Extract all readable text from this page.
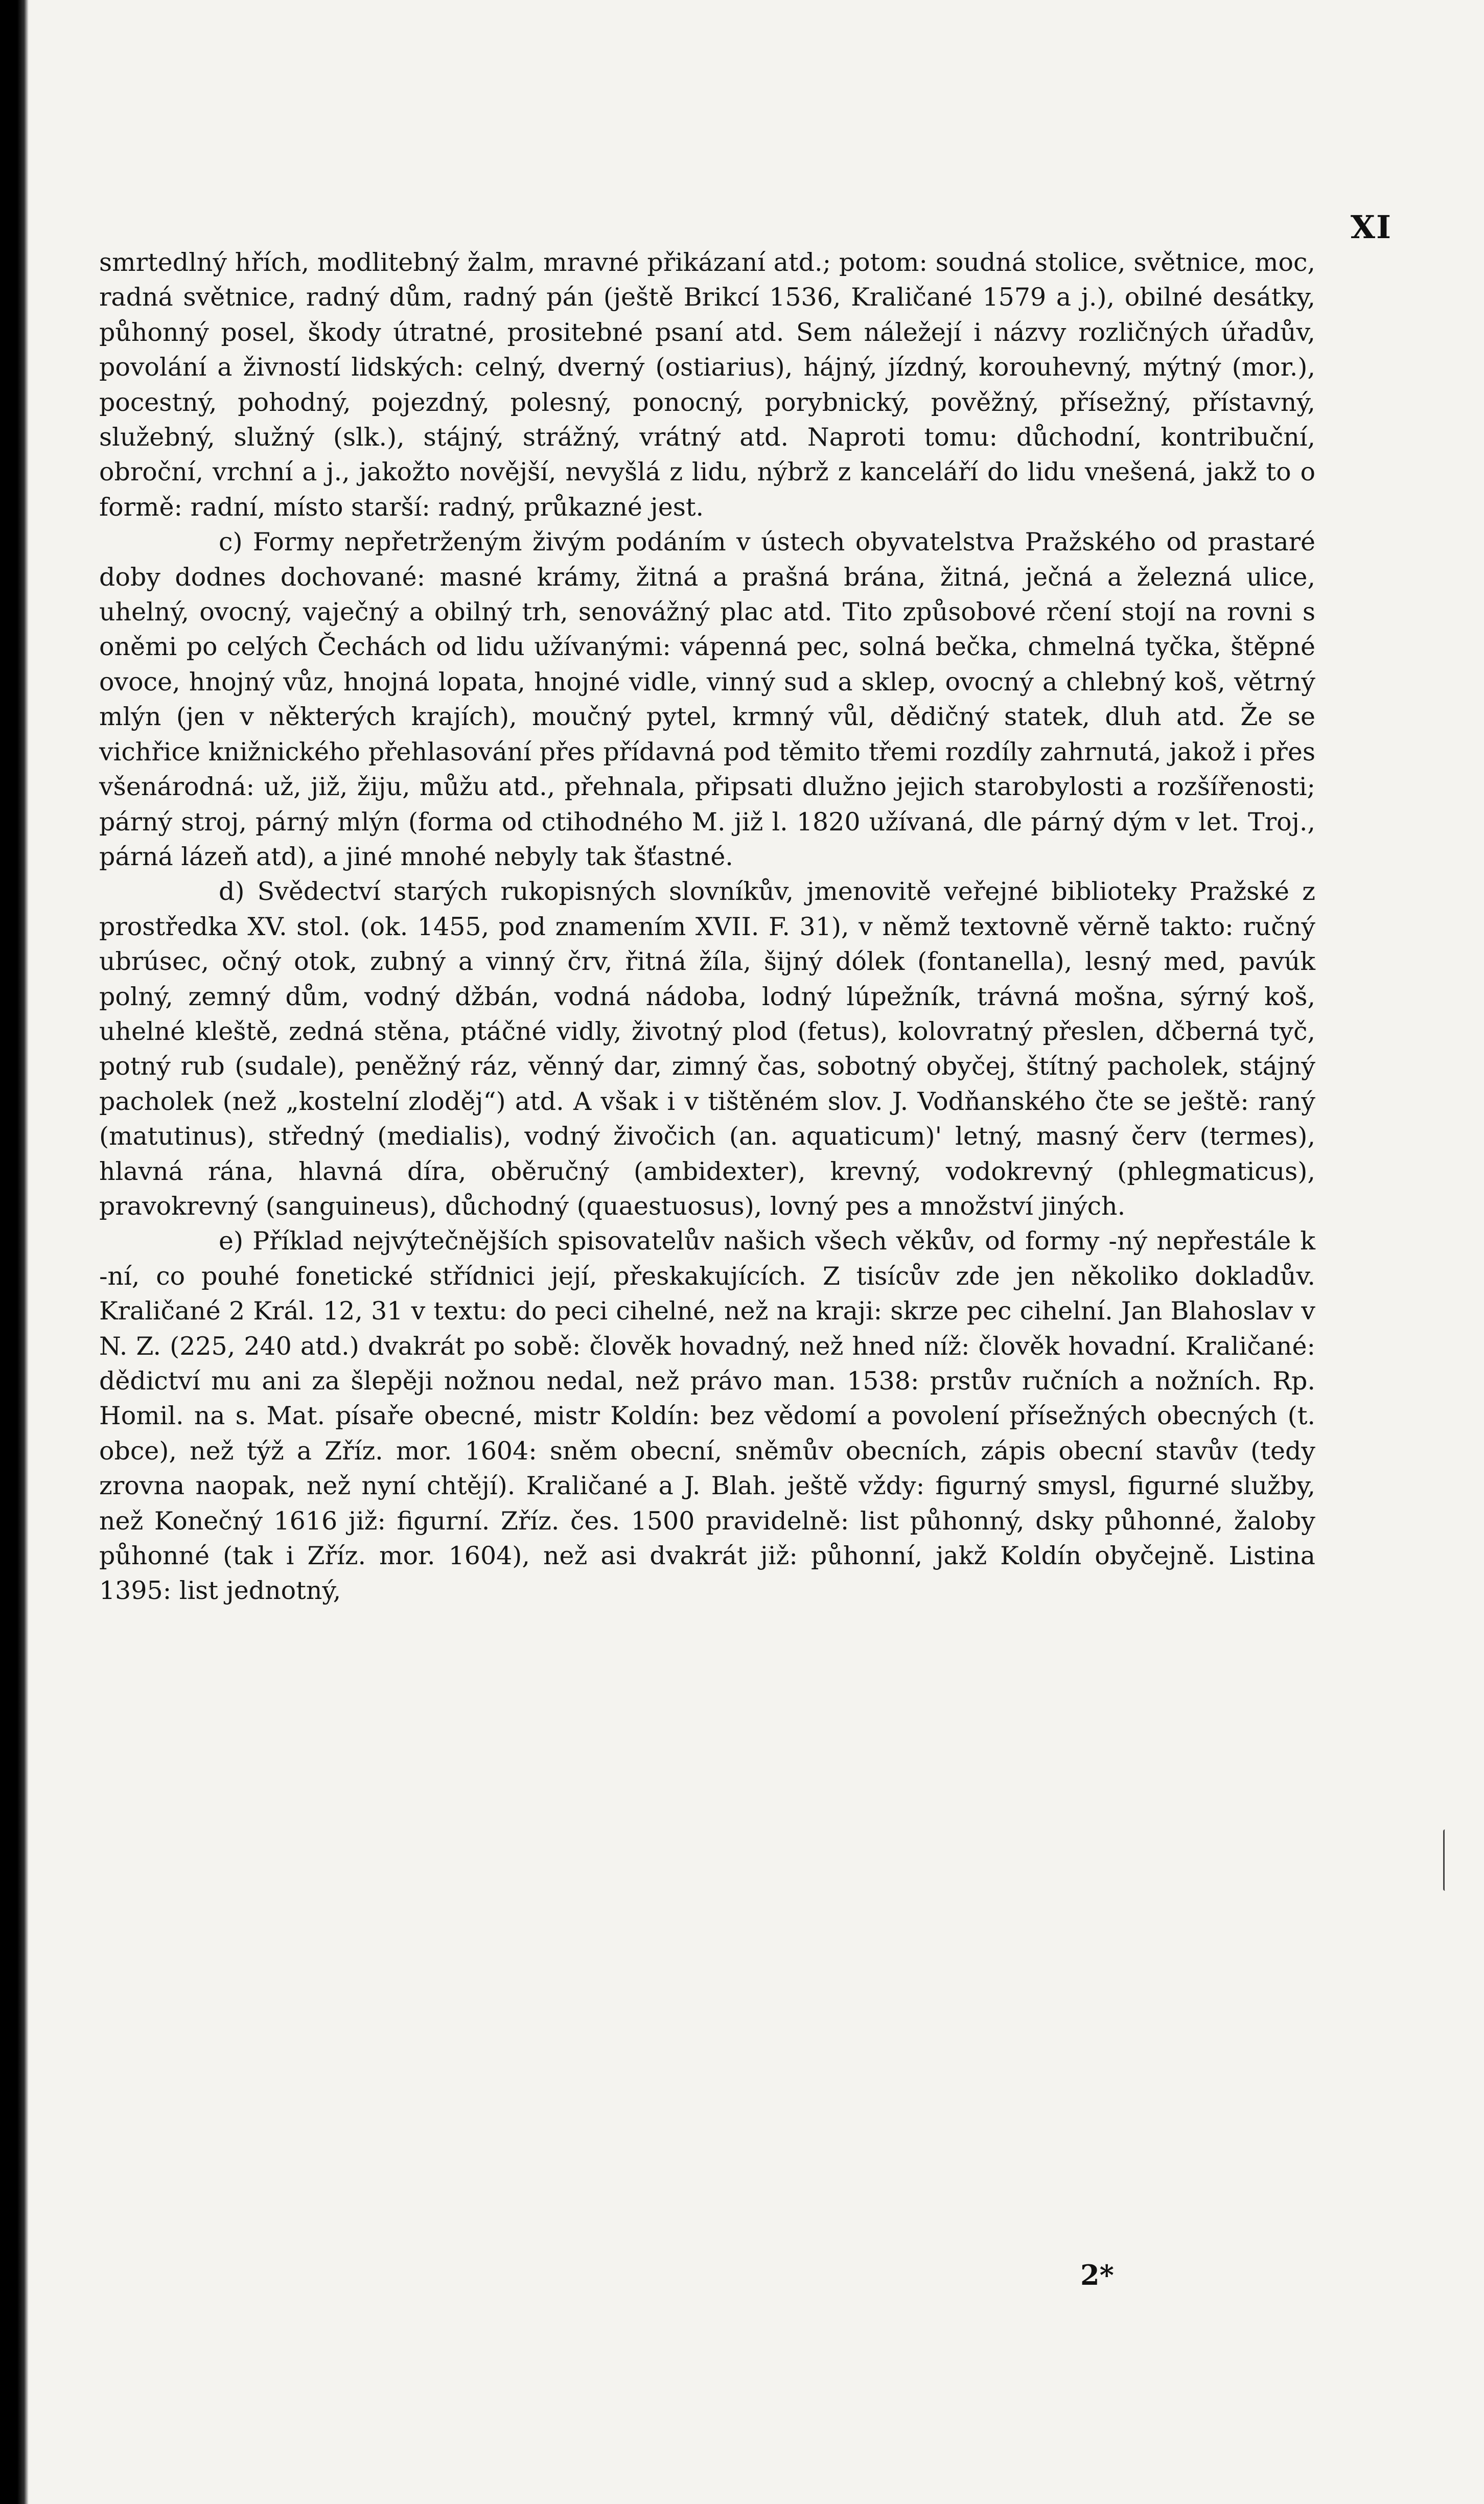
XI

smrtedlný hřích, modlitebný žalm, mravné přikázaní atd.; potom: soudná stolice, světnice, moc, radná světnice, radný dům, radný pán (ještě Brikcí 1536, Kraličané 1579 a j.), obilné desátky, půhonný posel, škody útratné, prositebné psaní atd. Sem náležejí i názvy rozličných úřadův, povolání a živností lidských: celný, dverný (ostiarius), hájný, jízdný, korouhevný, mýtný (mor.), pocestný, pohodný, pojezdný, polesný, ponocný, porybnický, pověžný, přísežný, přístavný, služebný, služný (slk.), stájný, strážný, vrátný atd. Naproti tomu: důchodní, kontribuční, obroční, vrchní a j., jakožto novější, nevyšlá z lidu, nýbrž z kanceláří do lidu vnešená, jakž to o formě: radní, místo starší: radný, průkazné jest.

c) Formy nepřetrženým živým podáním v ústech obyvatelstva Pražského od prastaré doby dodnes dochované: masné krámy, žitná a prašná brána, žitná, ječná a železná ulice, uhelný, ovocný, vaječný a obilný trh, senovážný plac atd. Tito způsobové rčení stojí na rovni s oněmi po celých Čechách od lidu užívanými: vápenná pec, solná bečka, chmelná tyčka, štěpné ovoce, hnojný vůz, hnojná lopata, hnojné vidle, vinný sud a sklep, ovocný a chlebný koš, větrný mlýn (jen v některých krajích), moučný pytel, krmný vůl, dědičný statek, dluh atd. Že se vichřice knižnického přehlasování přes přídavná pod těmito třemi rozdíly zahrnutá, jakož i přes všenárodná: už, již, žiju, můžu atd., přehnala, připsati dlužno jejich starobylosti a rozšířenosti; párný stroj, párný mlýn (forma od ctihodného M. již l. 1820 užívaná, dle párný dým v let. Troj., párná lázeň atd), a jiné mnohé nebyly tak šťastné.

d) Svědectví starých rukopisných slovníkův, jmenovitě veřejné biblioteky Pražské z prostředka XV. stol. (ok. 1455, pod znamením XVII. F. 31), v němž textovně věrně takto: ručný ubrúsec, očný otok, zubný a vinný črv, řitná žíla, šijný dólek (fontanella), lesný med, pavúk polný, zemný dům, vodný džbán, vodná nádoba, lodný lúpežník, trávná mošna, sýrný koš, uhelné kleště, zedná stěna, ptáčné vidly, životný plod (fetus), kolovratný přeslen, dčberná tyč, potný rub (sudale), peněžný ráz, věnný dar, zimný čas, sobotný obyčej, štítný pacholek, stájný pacholek (než „kostelní zloděj“) atd. A však i v tištěném slov. J. Vodňanského čte se ještě: raný (matutinus), středný (medialis), vodný živočich (an. aquaticum)' letný, masný červ (termes), hlavná rána, hlavná díra, oběručný (ambidexter), krevný, vodokrevný (phlegmaticus), pravokrevný (sanguineus), důchodný (quaestuosus), lovný pes a množství jiných.

e) Příklad nejvýtečnějších spisovatelův našich všech věkův, od formy -ný nepřestále k -ní, co pouhé fonetické střídnici její, přeskakujících. Z tisícův zde jen několiko dokladův. Kraličané 2 Král. 12, 31 v textu: do peci cihelné, než na kraji: skrze pec cihelní. Jan Blahoslav v N. Z. (225, 240 atd.) dvakrát po sobě: člověk hovadný, než hned níž: člověk hovadní. Kraličané: dědictví mu ani za šlepěji nožnou nedal, než právo man. 1538: prstův ručních a nožních. Rp. Homil. na s. Mat. písaře obecné, mistr Koldín: bez vědomí a povolení přísežných obecných (t. obce), než týž a Zříz. mor. 1604: sněm obecní, sněmův obecních, zápis obecní stavův (tedy zrovna naopak, než nyní chtějí). Kraličané a J. Blah. ještě vždy: figurný smysl, figurné služby, než Konečný 1616 již: figurní. Zříz. čes. 1500 pravidelně: list půhonný, dsky půhonné, žaloby půhonné (tak i Zříz. mor. 1604), než asi dvakrát již: půhonní, jakž Koldín obyčejně. Listina 1395: list jednotný,

2*
